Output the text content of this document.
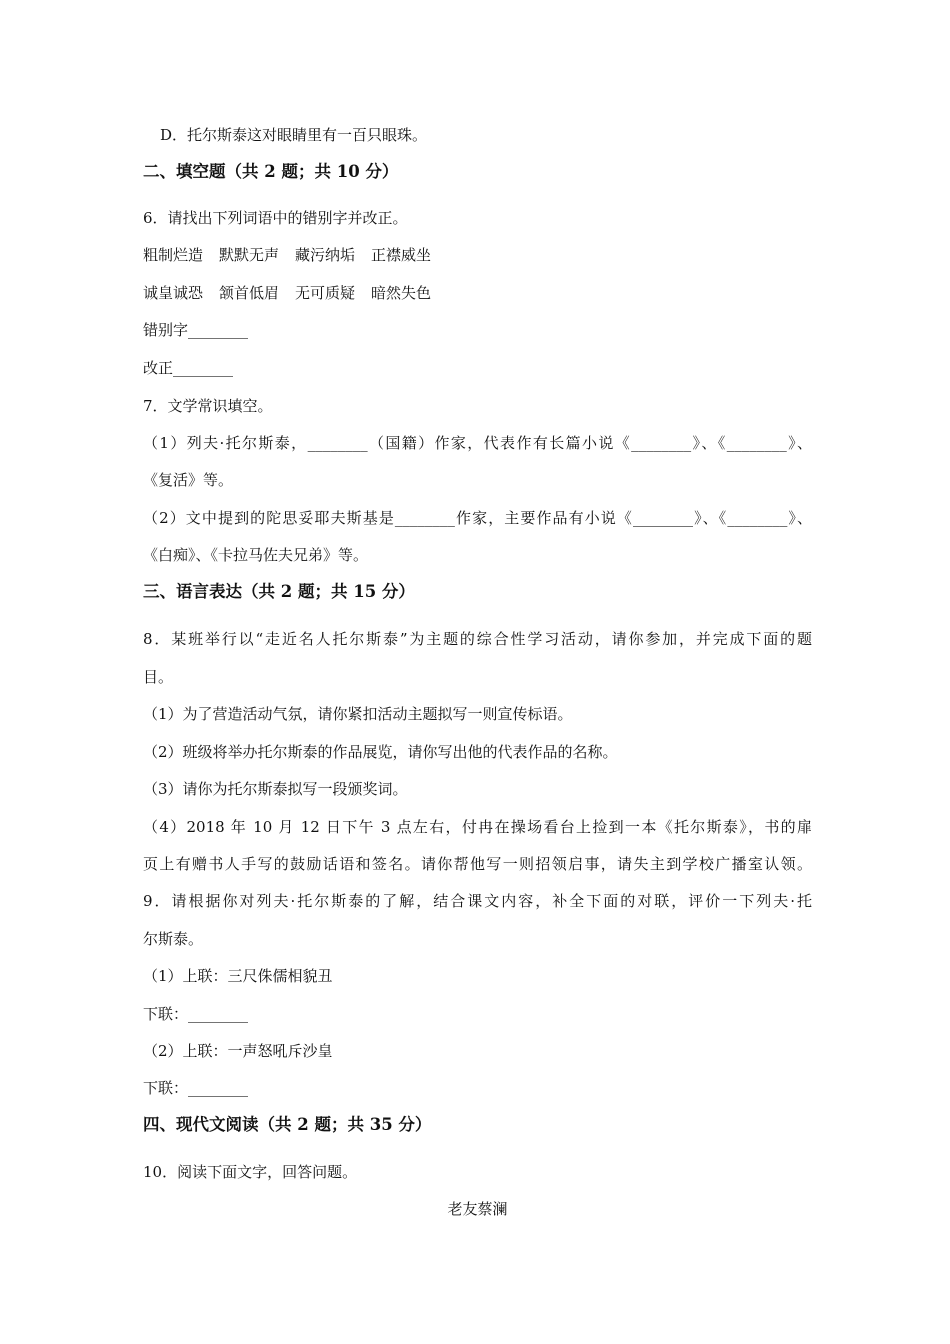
D．托尔斯泰这对眼睛里有一百只眼珠。
二、填空题（共 2 题；共 10 分）
6．请找出下列词语中的错别字并改正。
粗制烂造 默默无声 藏污纳垢 正襟威坐
诚皇诚恐 颔首低眉 无可质疑 暗然失色
错别字________
改正________
7．文学常识填空。
（1）列夫·托尔斯泰，________（国籍）作家，代表作有长篇小说《________》、《________》、
《复活》等。
（2）文中提到的陀思妥耶夫斯基是________作家，主要作品有小说《________》、《________》、
《白痴》、《卡拉马佐夫兄弟》等。
三、语言表达（共 2 题；共 15 分）
8．某班举行以“走近名人托尔斯泰”为主题的综合性学习活动，请你参加，并完成下面的题
目。
（1）为了营造活动气氛，请你紧扣活动主题拟写一则宣传标语。
（2）班级将举办托尔斯泰的作品展览，请你写出他的代表作品的名称。
（3）请你为托尔斯泰拟写一段颁奖词。
（4）2018 年 10 月 12 日下午 3 点左右，付冉在操场看台上捡到一本《托尔斯泰》，书的扉
页上有赠书人手写的鼓励话语和签名。请你帮他写一则招领启事，请失主到学校广播室认领。
9．请根据你对列夫·托尔斯泰的了解，结合课文内容，补全下面的对联，评价一下列夫·托
尔斯泰。
（1）上联：三尺侏儒相貌丑
下联：________
（2）上联：一声怒吼斥沙皇
下联：________
四、现代文阅读（共 2 题；共 35 分）
10．阅读下面文字，回答问题。
老友蔡澜
